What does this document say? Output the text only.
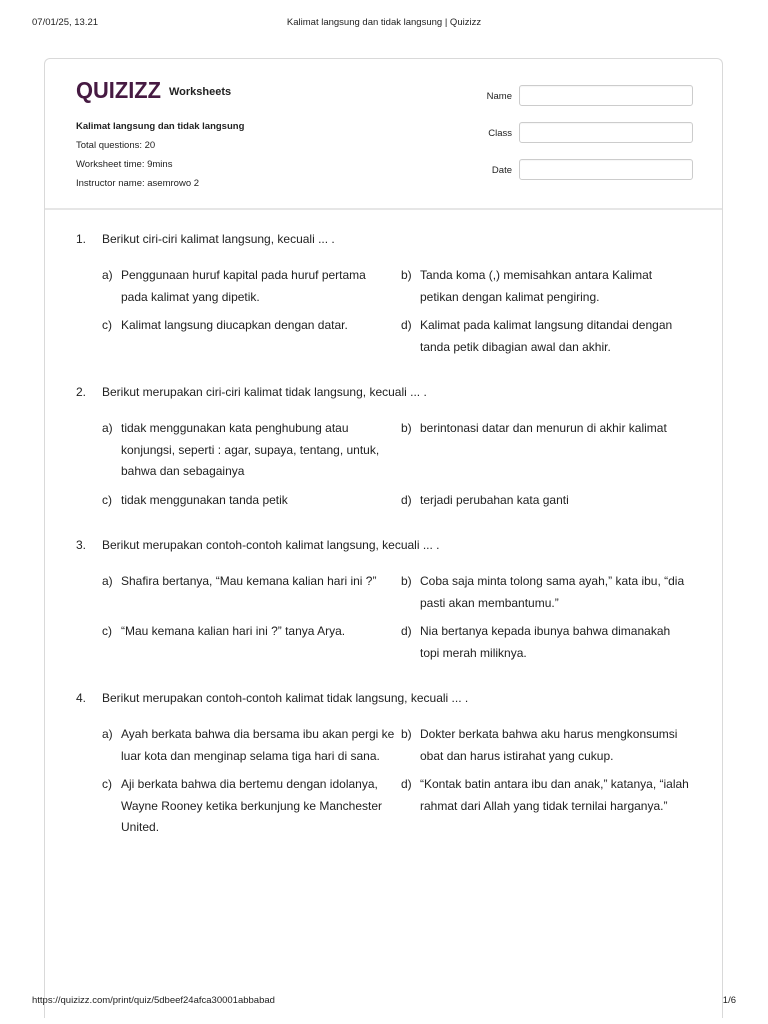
07/01/25, 13.21	Kalimat langsung dan tidak langsung | Quizizz
QUIZIZZ Worksheets
Kalimat langsung dan tidak langsung
Total questions: 20
Worksheet time: 9mins
Instructor name: asemrowo 2
Name
Class
Date
1.	Berikut ciri-ciri kalimat langsung, kecuali ... .
a) Penggunaan huruf kapital pada huruf pertama pada kalimat yang dipetik.
b) Tanda koma (,) memisahkan antara Kalimat petikan dengan kalimat pengiring.
c) Kalimat langsung diucapkan dengan datar.	d) Kalimat pada kalimat langsung ditandai dengan tanda petik dibagian awal dan akhir.
2.	Berikut merupakan ciri-ciri kalimat tidak langsung, kecuali ... .
a) tidak menggunakan kata penghubung atau konjungsi, seperti : agar, supaya, tentang, untuk, bahwa dan sebagainya
b) berintonasi datar dan menurun di akhir kalimat
c) tidak menggunakan tanda petik	d) terjadi perubahan kata ganti
3.	Berikut merupakan contoh-contoh kalimat langsung, kecuali ... .
a) Shafira bertanya, “Mau kemana kalian hari ini ?”	b) Coba saja minta tolong sama ayah,” kata ibu, “dia pasti akan membantumu.”
c) “Mau kemana kalian hari ini ?” tanya Arya.	d) Nia bertanya kepada ibunya bahwa dimanakah topi merah miliknya.
4.	Berikut merupakan contoh-contoh kalimat tidak langsung, kecuali ... .
a) Ayah berkata bahwa dia bersama ibu akan pergi ke luar kota dan menginap selama tiga hari di sana.
b) Dokter berkata bahwa aku harus mengkonsumsi obat dan harus istirahat yang cukup.
c) Aji berkata bahwa dia bertemu dengan idolanya, Wayne Rooney ketika berkunjung ke Manchester United.
d) “Kontak batin antara ibu dan anak,” katanya, “ialah rahmat dari Allah yang tidak ternilai harganya.”
https://quizizz.com/print/quiz/5dbeef24afca30001abbabad	1/6
